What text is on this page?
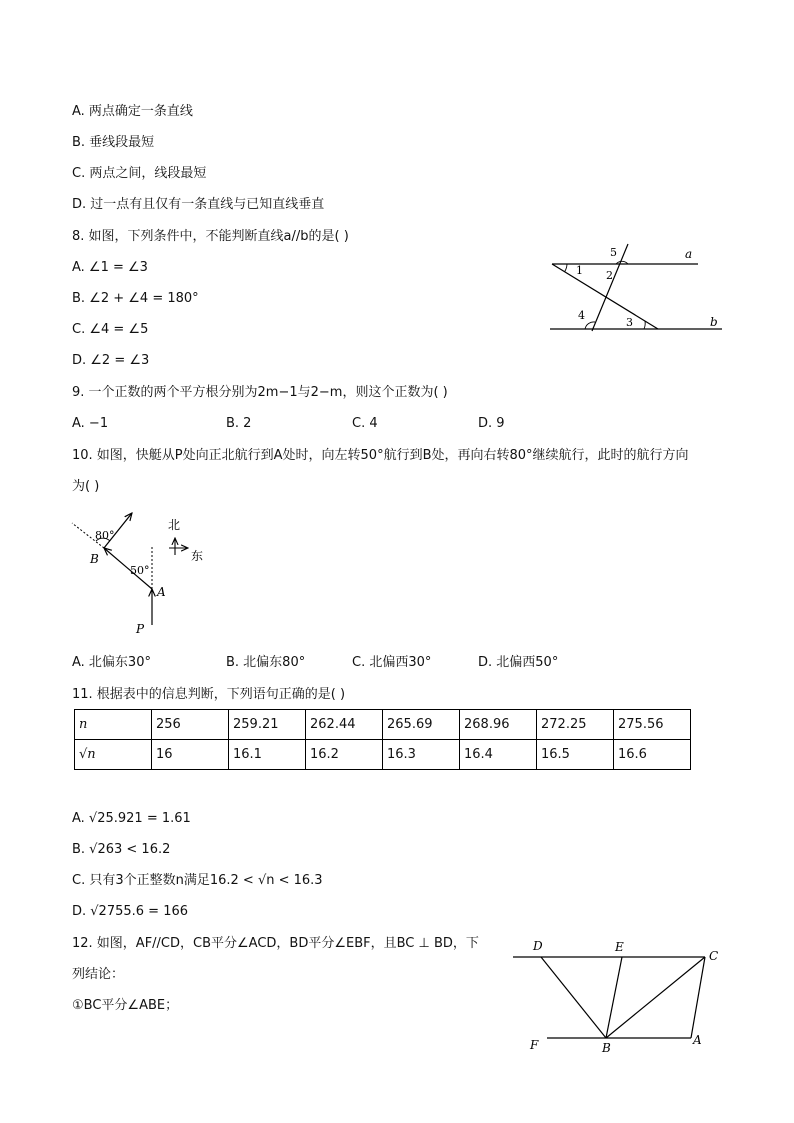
A. 两点确定一条直线
B. 垂线段最短
C. 两点之间，线段最短
D. 过一点有且仅有一条直线与已知直线垂直
8. 如图，下列条件中，不能判断直线a//b的是( )
A. ∠1 = ∠3
B. ∠2 + ∠4 = 180°
C. ∠4 = ∠5
D. ∠2 = ∠3
a
b
1 2
3
4
5
9. 一个正数的两个平方根分别为2m−1与2−m，则这个正数为( )
A. −1	B. 2	C. 4	D. 9
10. 如图，快艇从P处向正北航行到A处时，向左转50°航行到B处，再向右转80°继续航行，此时的航行方向
为( )
80°
50°
B
A
P
北
东
A. 北偏东30°	B. 北偏东80°	C. 北偏西30°	D. 北偏西50°
11. 根据表中的信息判断，下列语句正确的是( )
n	256	259.21	262.44	265.69	268.96	272.25	275.56
√n	16	16.1	16.2	16.3	16.4	16.5	16.6
A. √25.921 = 1.61
B. √263 < 16.2
C. 只有3个正整数n满足16.2 < √n < 16.3
D. √2755.6 = 166
12. 如图，AF//CD，CB平分∠ACD，BD平分∠EBF，且BC ⊥ BD，下
列结论：
①BC平分∠ABE；
D	E
C
F	B
A
